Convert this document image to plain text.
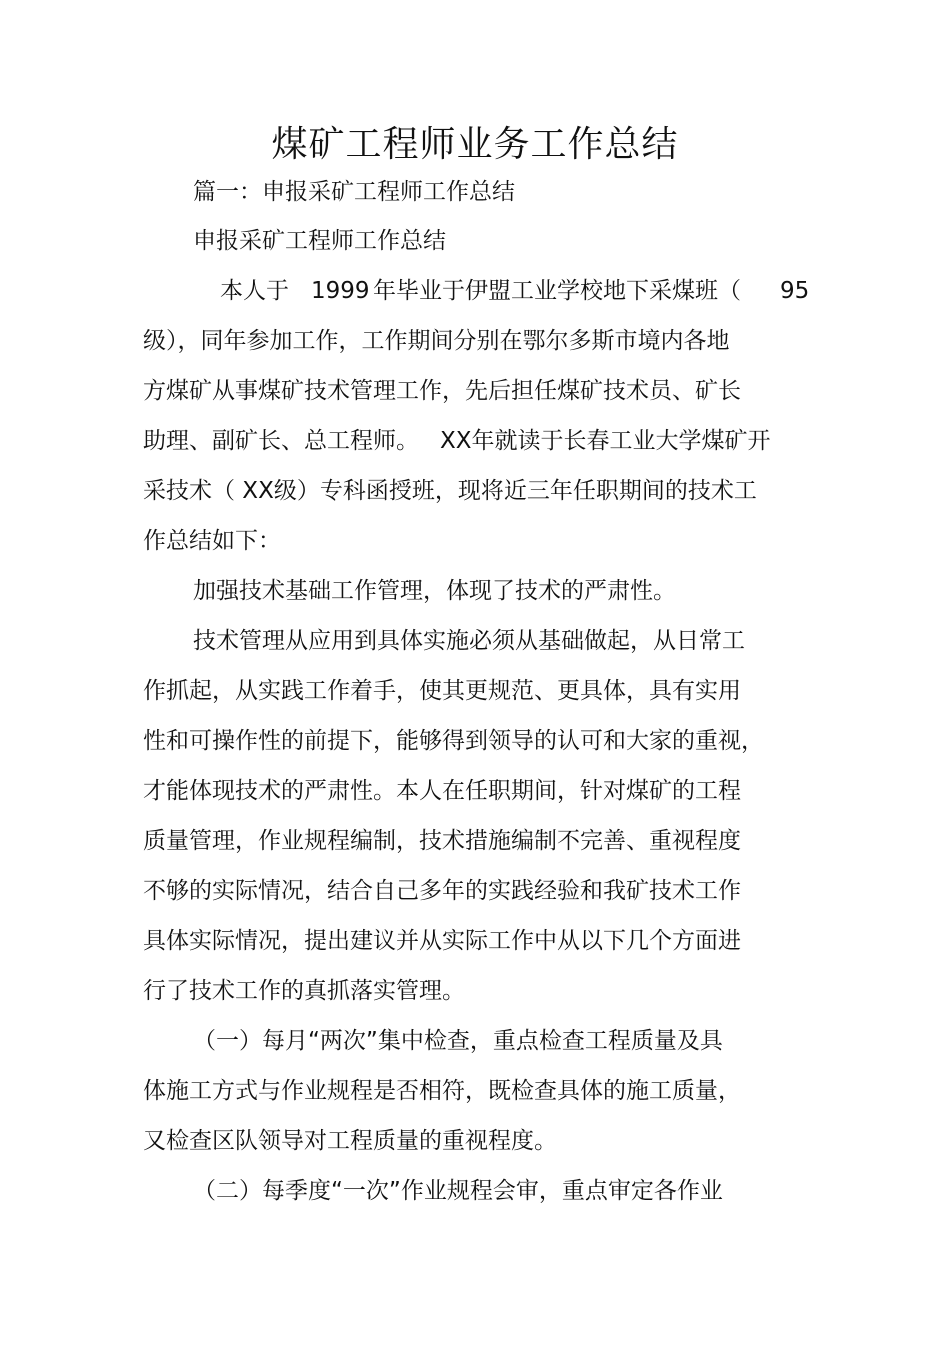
煤矿工程师业务工作总结
篇一：申报采矿工程师工作总结
申报采矿工程师工作总结
本人于 1999 年毕业于伊盟工业学校地下采煤班（ 95
级），同年参加工作，工作期间分别在鄂尔多斯市境内各地
方煤矿从事煤矿技术管理工作，先后担任煤矿技术员、矿长
助理、副矿长、总工程师。 XX年就读于长春工业大学煤矿开
采技术（ XX级）专科函授班，现将近三年任职期间的技术工
作总结如下：
加强技术基础工作管理，体现了技术的严肃性。
技术管理从应用到具体实施必须从基础做起，从日常工
作抓起，从实践工作着手，使其更规范、更具体，具有实用
性和可操作性的前提下，能够得到领导的认可和大家的重视，
才能体现技术的严肃性。本人在任职期间，针对煤矿的工程
质量管理，作业规程编制，技术措施编制不完善、重视程度
不够的实际情况，结合自己多年的实践经验和我矿技术工作
具体实际情况，提出建议并从实际工作中从以下几个方面进
行了技术工作的真抓落实管理。
（一）每月“两次”集中检查，重点检查工程质量及具
体施工方式与作业规程是否相符，既检查具体的施工质量，
又检查区队领导对工程质量的重视程度。
（二）每季度“一次”作业规程会审，重点审定各作业
